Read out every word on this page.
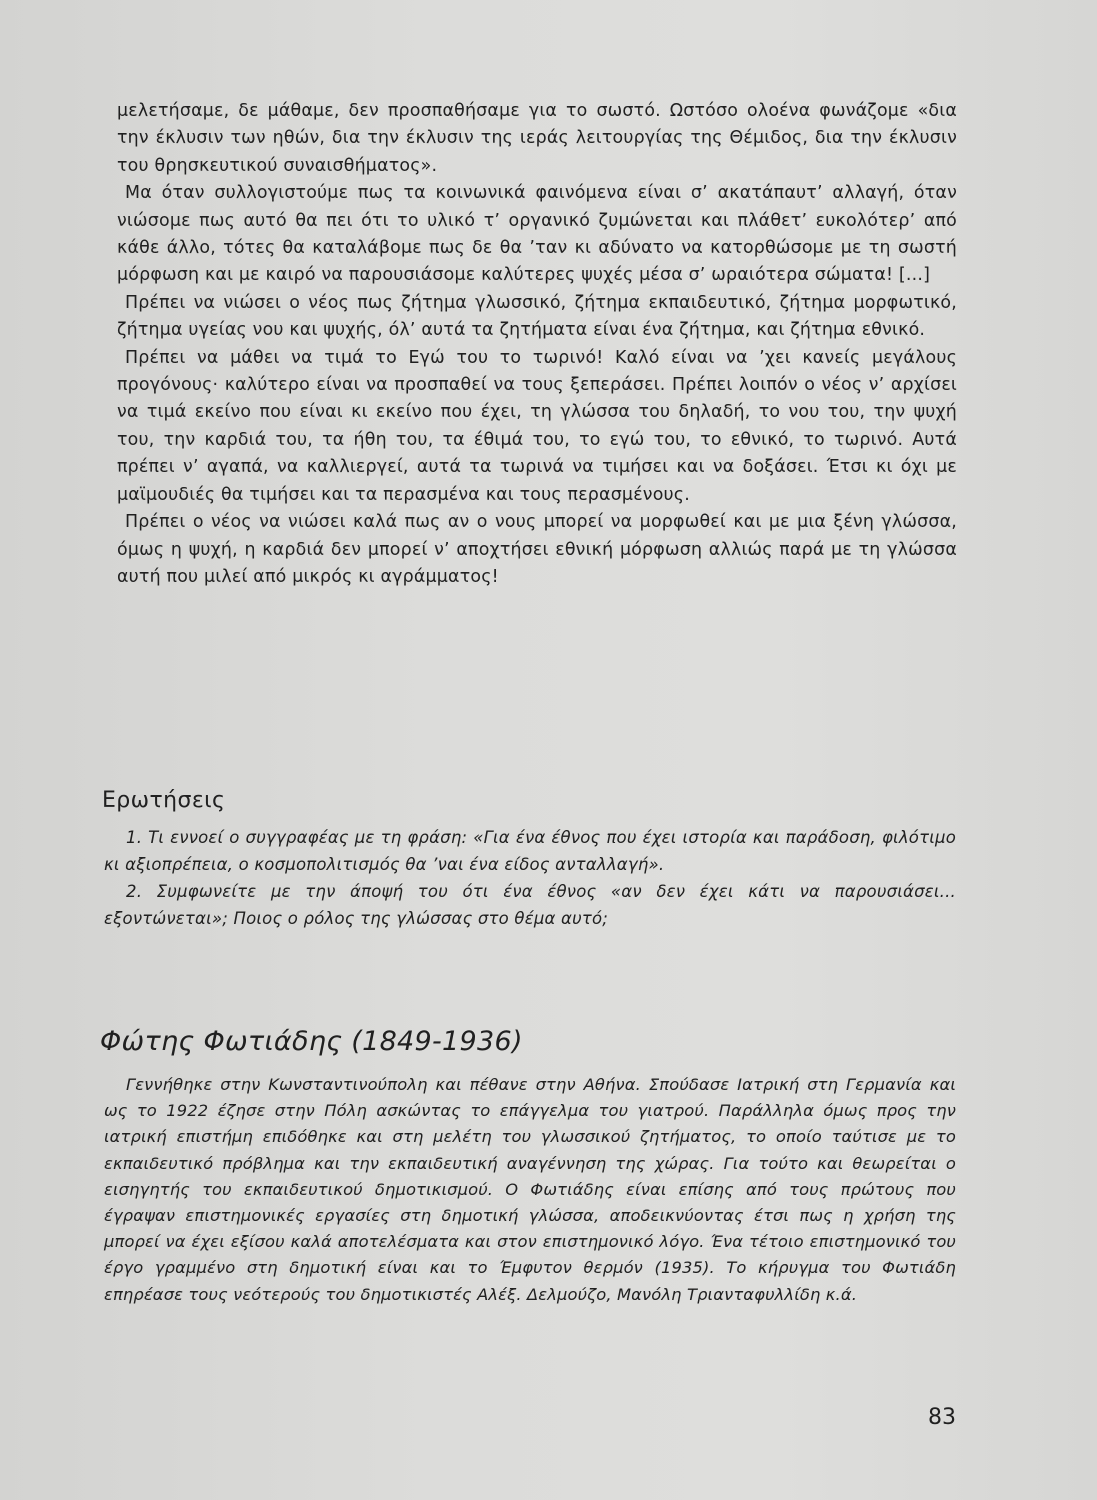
μελετήσαμε, δε μάθαμε, δεν προσπαθήσαμε για το σωστό. Ωστόσο ολοένα φωνάζομε «δια την έκλυσιν των ηθών, δια την έκλυσιν της ιεράς λειτουργίας της Θέμιδος, δια την έκλυσιν του θρησκευτικού συναισθήματος».

Μα όταν συλλογιστούμε πως τα κοινωνικά φαινόμενα είναι σ’ ακατάπαυτ’ αλλαγή, όταν νιώσομε πως αυτό θα πει ότι το υλικό τ’ οργανικό ζυμώνεται και πλάθετ’ ευκολότερ’ από κάθε άλλο, τότες θα καταλάβομε πως δε θα ’ταν κι αδύνατο να κατορθώσομε με τη σωστή μόρφωση και με καιρό να παρουσιάσομε καλύτερες ψυχές μέσα σ’ ωραιότερα σώματα! [...]

Πρέπει να νιώσει ο νέος πως ζήτημα γλωσσικό, ζήτημα εκπαιδευτικό, ζήτημα μορφωτικό, ζήτημα υγείας νου και ψυχής, όλ’ αυτά τα ζητήματα είναι ένα ζήτημα, και ζήτημα εθνικό.

Πρέπει να μάθει να τιμά το Εγώ του το τωρινό! Καλό είναι να ’χει κανείς μεγάλους προγόνους· καλύτερο είναι να προσπαθεί να τους ξεπεράσει. Πρέπει λοιπόν ο νέος ν’ αρχίσει να τιμά εκείνο που είναι κι εκείνο που έχει, τη γλώσσα του δηλαδή, το νου του, την ψυχή του, την καρδιά του, τα ήθη του, τα έθιμά του, το εγώ του, το εθνικό, το τωρινό. Αυτά πρέπει ν’ αγαπά, να καλλιεργεί, αυτά τα τωρινά να τιμήσει και να δοξάσει. Έτσι κι όχι με μαϊμουδιές θα τιμήσει και τα περασμένα και τους περασμένους.

Πρέπει ο νέος να νιώσει καλά πως αν ο νους μπορεί να μορφωθεί και με μια ξένη γλώσσα, όμως η ψυχή, η καρδιά δεν μπορεί ν’ αποχτήσει εθνική μόρφωση αλλιώς παρά με τη γλώσσα αυτή που μιλεί από μικρός κι αγράμματος!

Ερωτήσεις

1. Τι εννοεί ο συγγραφέας με τη φράση: «Για ένα έθνος που έχει ιστορία και παράδοση, φιλότιμο κι αξιοπρέπεια, ο κοσμοπολιτισμός θα ’ναι ένα είδος ανταλλαγή».

2. Συμφωνείτε με την άποψή του ότι ένα έθνος «αν δεν έχει κάτι να παρουσιάσει... εξοντώνεται»; Ποιος ο ρόλος της γλώσσας στο θέμα αυτό;

Φώτης Φωτιάδης (1849-1936)

Γεννήθηκε στην Κωνσταντινούπολη και πέθανε στην Αθήνα. Σπούδασε Ιατρική στη Γερμανία και ως το 1922 έζησε στην Πόλη ασκώντας το επάγγελμα του γιατρού. Παράλληλα όμως προς την ιατρική επιστήμη επιδόθηκε και στη μελέτη του γλωσσικού ζητήματος, το οποίο ταύτισε με το εκπαιδευτικό πρόβλημα και την εκπαιδευτική αναγέννηση της χώρας. Για τούτο και θεωρείται ο εισηγητής του εκπαιδευτικού δημοτικισμού. Ο Φωτιάδης είναι επίσης από τους πρώτους που έγραψαν επιστημονικές εργασίες στη δημοτική γλώσσα, αποδεικνύοντας έτσι πως η χρήση της μπορεί να έχει εξίσου καλά αποτελέσματα και στον επιστημονικό λόγο. Ένα τέτοιο επιστημονικό του έργο γραμμένο στη δημοτική είναι και το Έμφυτον θερμόν (1935). Το κήρυγμα του Φωτιάδη επηρέασε τους νεότερούς του δημοτικιστές Αλέξ. Δελμούζο, Μανόλη Τριανταφυλλίδη κ.ά.

83
